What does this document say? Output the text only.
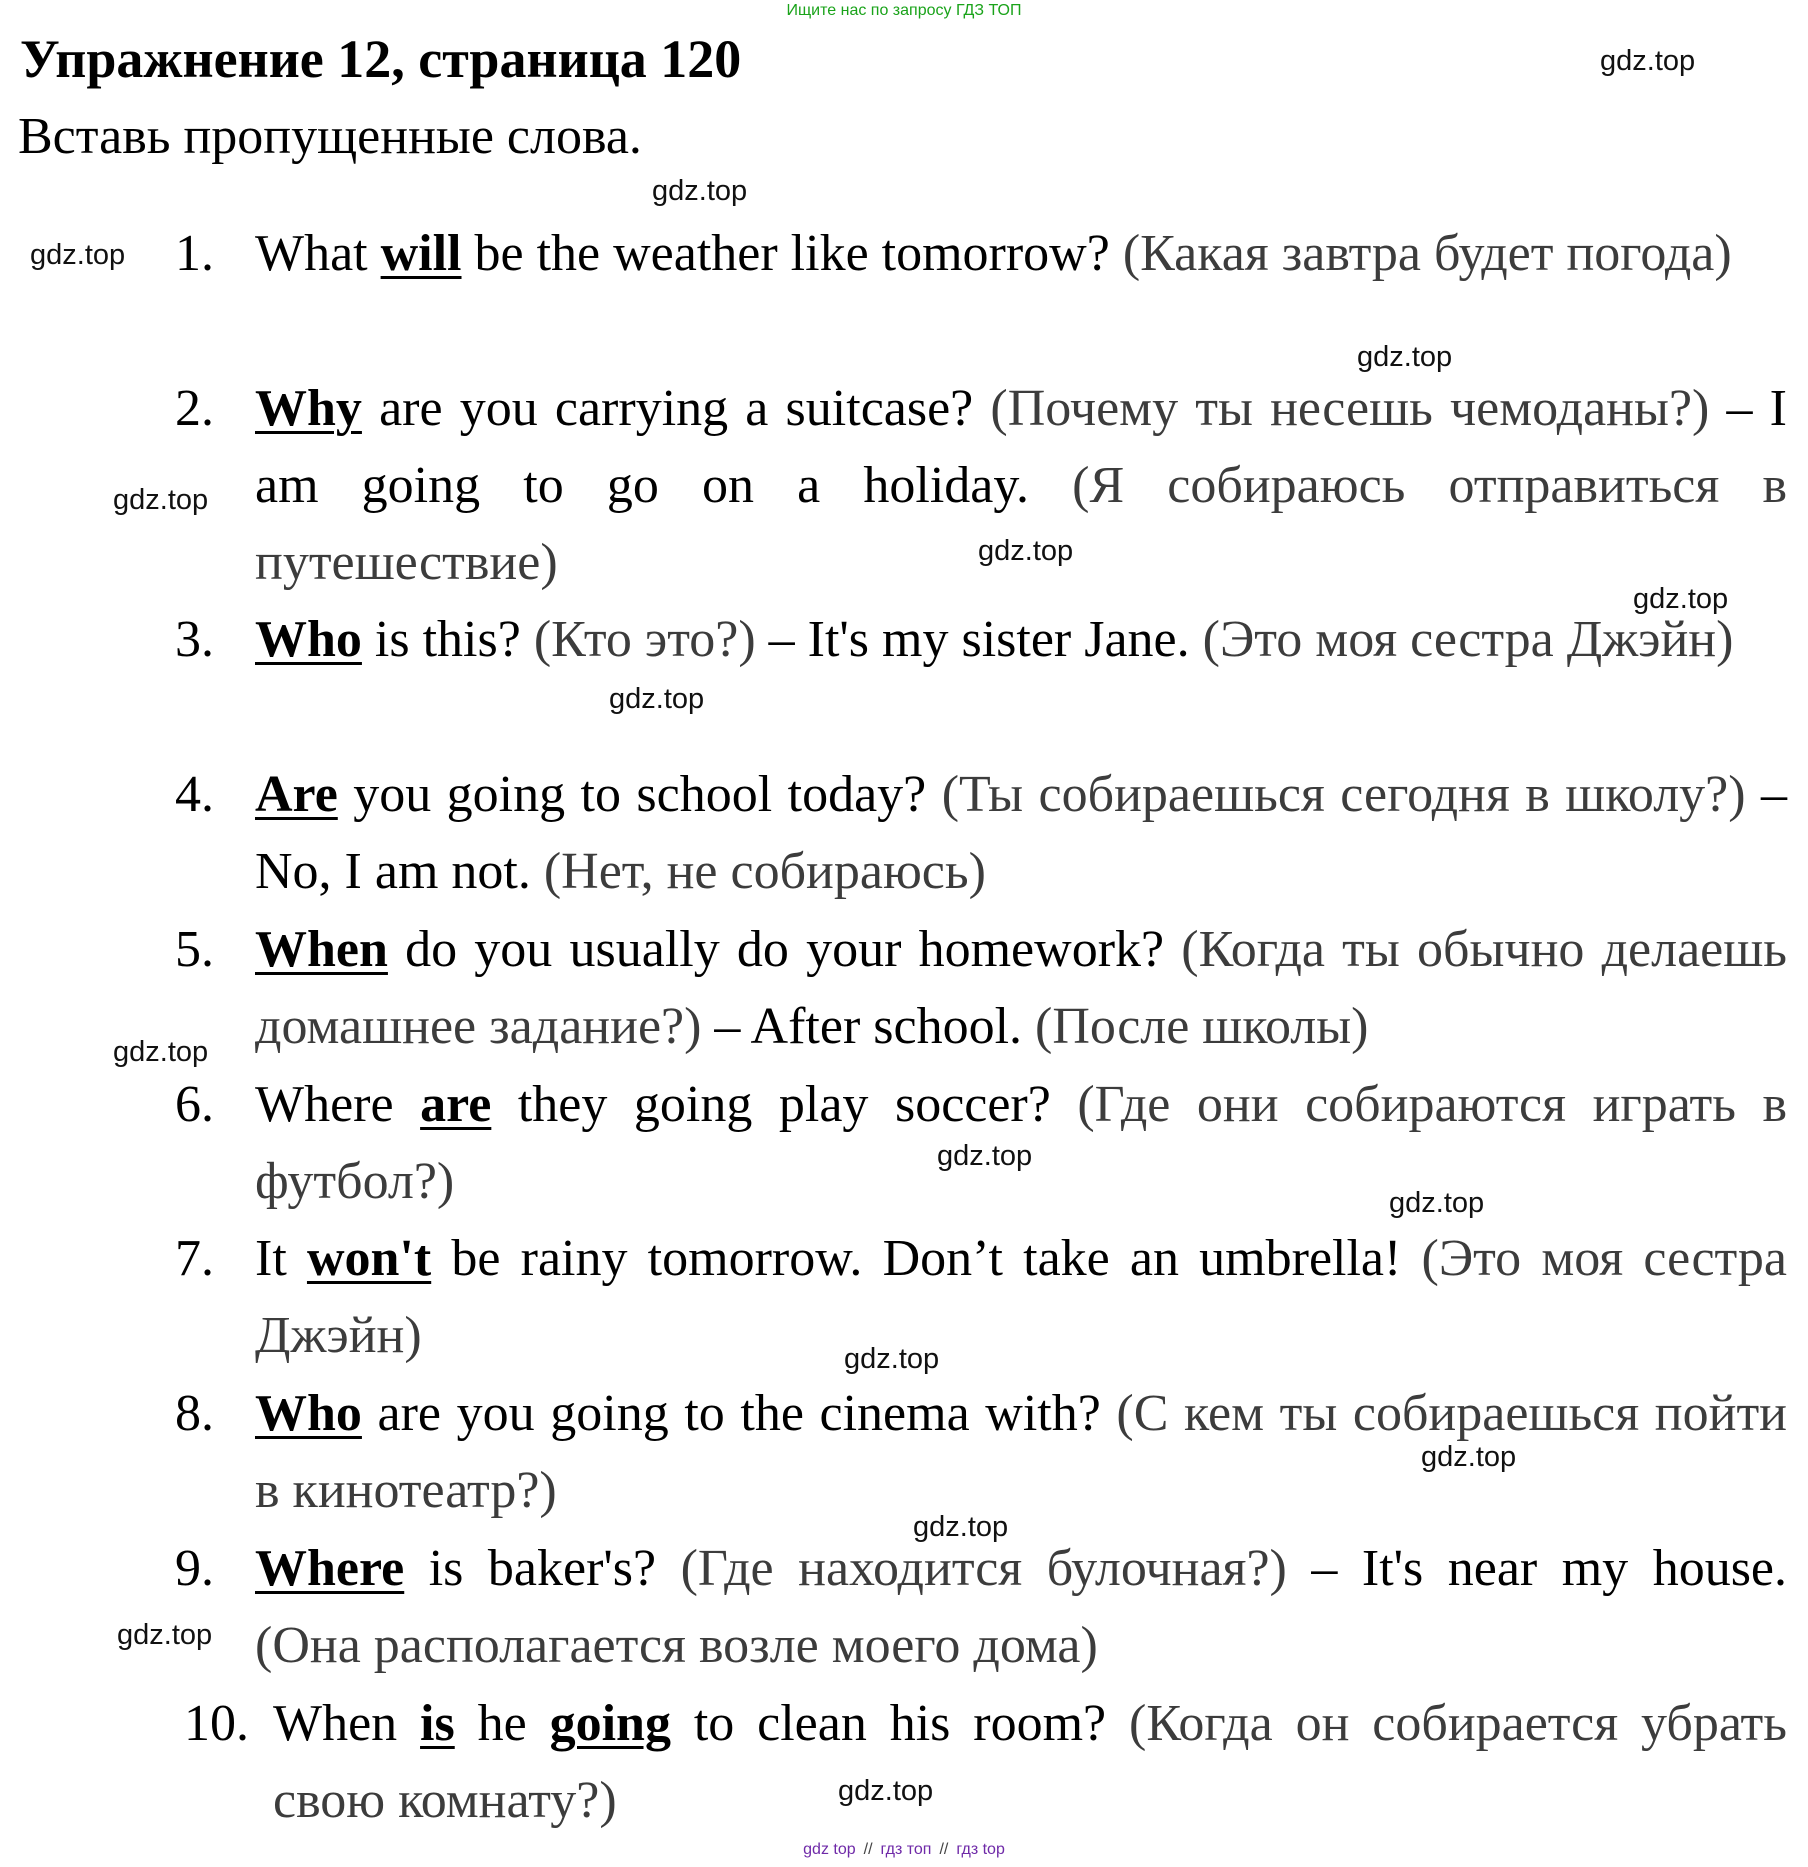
Ищите нас по запросу ГДЗ ТОП
Упражнение 12, страница 120

Вставь пропущенные слова.

gdz.top
gdz.top
gdz.top
gdz.top
gdz.top
gdz.top
gdz.top
gdz.top
gdz.top
gdz.top
gdz.top
gdz.top
gdz.top
gdz.top
gdz.top
gdz.top
1. What will be the weather like tomorrow? (Какая завтра будет погода)
2. Why are you carrying a suitcase? (Почему ты несешь чемоданы?) – I am going to go on a holiday. (Я собираюсь отправиться в путешествие)
3. Who is this? (Кто это?) – It's my sister Jane. (Это моя сестра Джэйн)
4. Are you going to school today? (Ты собираешься сегодня в школу?) – No, I am not. (Нет, не собираюсь)
5. When do you usually do your homework? (Когда ты обычно делаешь домашнее задание?) – After school. (После школы)
6. Where are they going play soccer? (Где они собираются играть в футбол?)
7. It won't be rainy tomorrow. Don’t take an umbrella! (Это моя сестра Джэйн)
8. Who are you going to the cinema with? (С кем ты собираешься пойти в кинотеатр?)
9. Where is baker's? (Где находится булочная?) – It's near my house. (Она располагается возле моего дома)
10. When is he going to clean his room? (Когда он собирается убрать свою комнату?)
gdz top // гдз топ // гдз top
